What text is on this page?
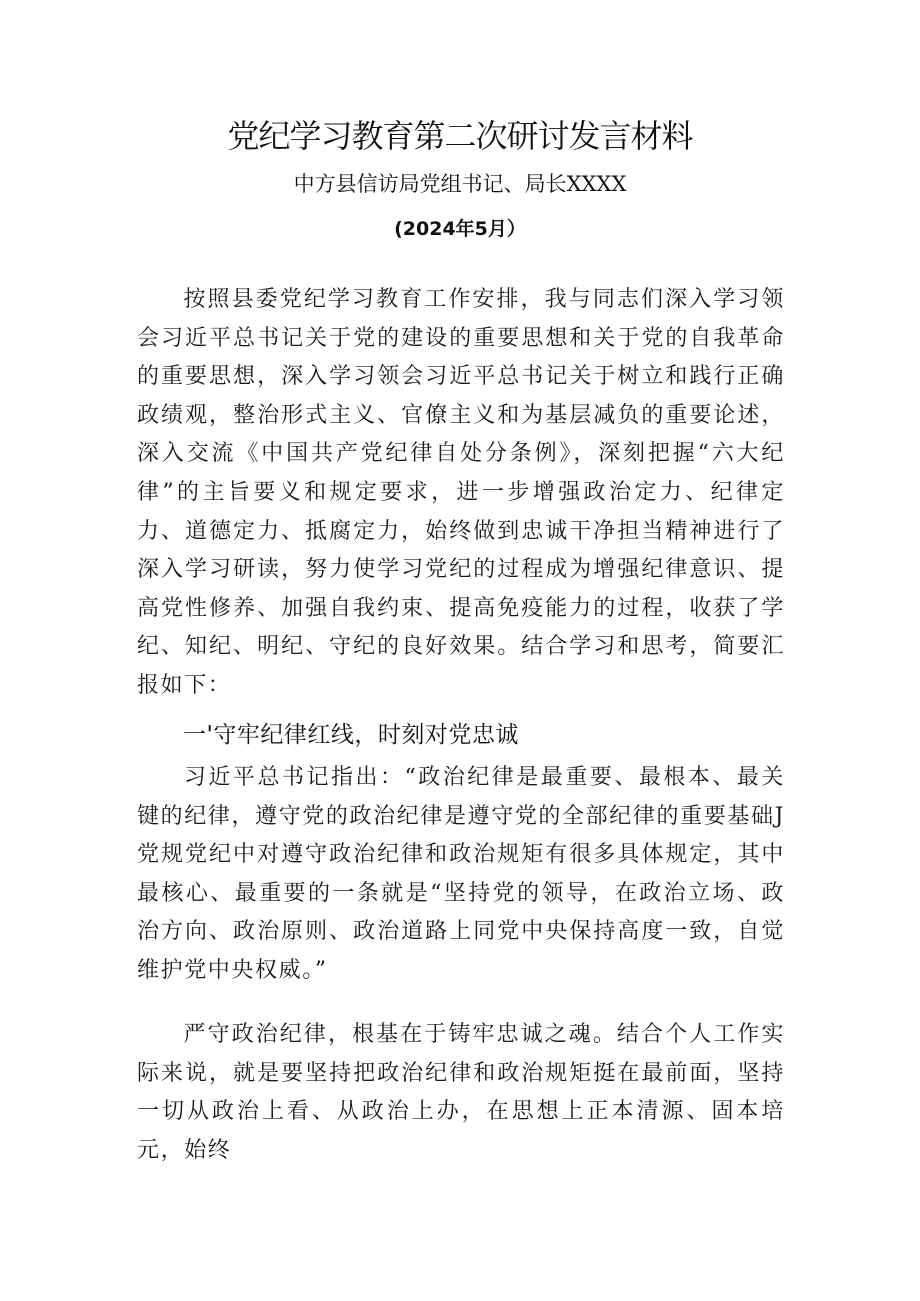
党纪学习教育第二次研讨发言材料
中方县信访局党组书记、局长XXXX
(2024年5月）
按照县委党纪学习教育工作安排，我与同志们深入学习领会习近平总书记关于党的建设的重要思想和关于党的自我革命的重要思想，深入学习领会习近平总书记关于树立和践行正确政绩观，整治形式主义、官僚主义和为基层减负的重要论述，深入交流《中国共产党纪律自处分条例》，深刻把握“六大纪律”的主旨要义和规定要求，进一步增强政治定力、纪律定力、道德定力、抵腐定力，始终做到忠诚干净担当精神进行了深入学习研读，努力使学习党纪的过程成为增强纪律意识、提高党性修养、加强自我约束、提高免疫能力的过程，收获了学纪、知纪、明纪、守纪的良好效果。结合学习和思考，简要汇报如下：
一'守牢纪律红线，时刻对党忠诚
习近平总书记指出：“政治纪律是最重要、最根本、最关键的纪律，遵守党的政治纪律是遵守党的全部纪律的重要基础J党规党纪中对遵守政治纪律和政治规矩有很多具体规定，其中最核心、最重要的一条就是“坚持党的领导，在政治立场、政治方向、政治原则、政治道路上同党中央保持高度一致，自觉维护党中央权威。”
严守政治纪律，根基在于铸牢忠诚之魂。结合个人工作实际来说，就是要坚持把政治纪律和政治规矩挺在最前面，坚持一切从政治上看、从政治上办，在思想上正本清源、固本培元，始终
